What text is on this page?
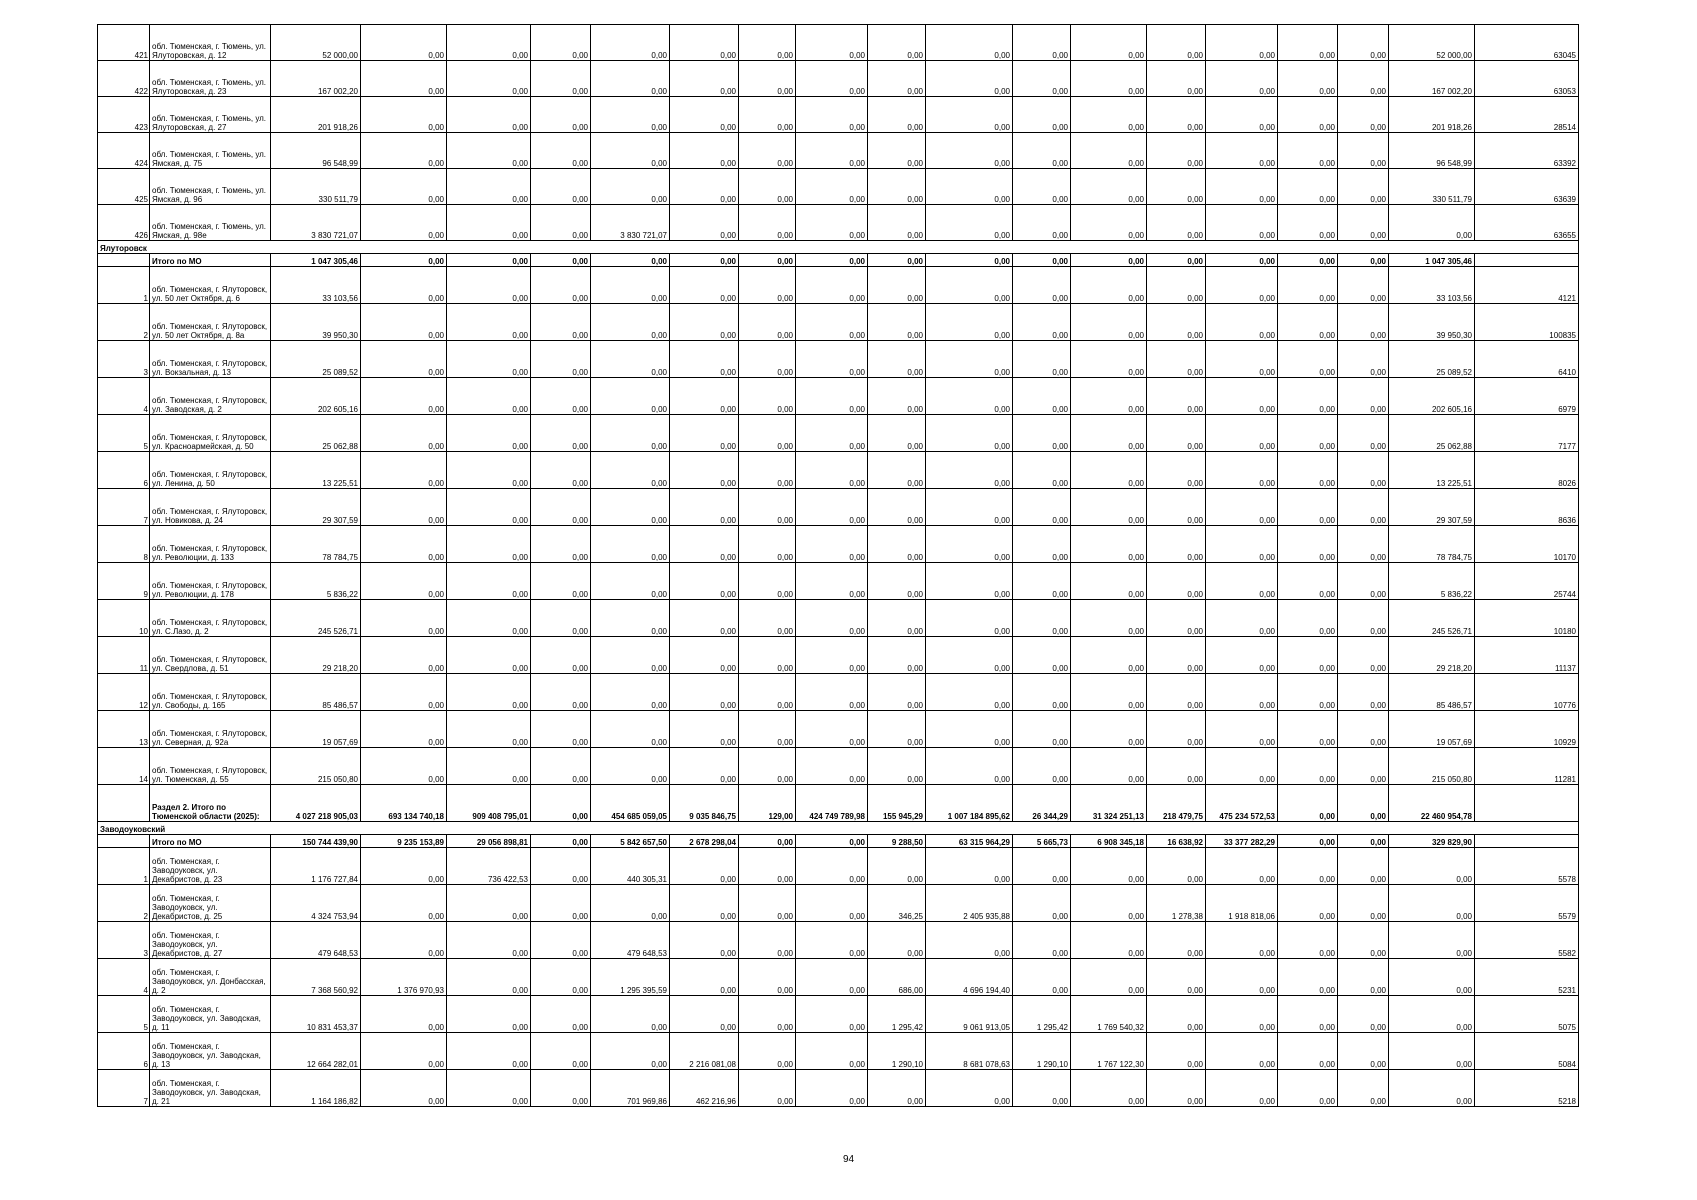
421	обл. Тюменская, г. Тюмень, ул. Ялуторовская, д. 12	52 000,00	0,00	0,00	0,00	0,00	0,00	0,00	0,00	0,00	0,00	0,00	0,00	0,00	0,00	0,00	0,00	52 000,00	63045
422	обл. Тюменская, г. Тюмень, ул. Ялуторовская, д. 23	167 002,20	0,00	0,00	0,00	0,00	0,00	0,00	0,00	0,00	0,00	0,00	0,00	0,00	0,00	0,00	0,00	167 002,20	63053
423	обл. Тюменская, г. Тюмень, ул. Ялуторовская, д. 27	201 918,26	0,00	0,00	0,00	0,00	0,00	0,00	0,00	0,00	0,00	0,00	0,00	0,00	0,00	0,00	0,00	201 918,26	28514
424	обл. Тюменская, г. Тюмень, ул. Ямская, д. 75	96 548,99	0,00	0,00	0,00	0,00	0,00	0,00	0,00	0,00	0,00	0,00	0,00	0,00	0,00	0,00	0,00	96 548,99	63392
425	обл. Тюменская, г. Тюмень, ул. Ямская, д. 96	330 511,79	0,00	0,00	0,00	0,00	0,00	0,00	0,00	0,00	0,00	0,00	0,00	0,00	0,00	0,00	0,00	330 511,79	63639
426	обл. Тюменская, г. Тюмень, ул. Ямская, д. 98е	3 830 721,07	0,00	0,00	0,00	3 830 721,07	0,00	0,00	0,00	0,00	0,00	0,00	0,00	0,00	0,00	0,00	0,00	0,00	63655
Ялуторовск																			
	Итого по МО	1 047 305,46	0,00	0,00	0,00	0,00	0,00	0,00	0,00	0,00	0,00	0,00	0,00	0,00	0,00	0,00	0,00	1 047 305,46	
1	обл. Тюменская, г. Ялуторовск, ул. 50 лет Октября, д. 6	33 103,56	0,00	0,00	0,00	0,00	0,00	0,00	0,00	0,00	0,00	0,00	0,00	0,00	0,00	0,00	0,00	33 103,56	4121
2	обл. Тюменская, г. Ялуторовск, ул. 50 лет Октября, д. 8а	39 950,30	0,00	0,00	0,00	0,00	0,00	0,00	0,00	0,00	0,00	0,00	0,00	0,00	0,00	0,00	0,00	39 950,30	100835
3	обл. Тюменская, г. Ялуторовск, ул. Вокзальная, д. 13	25 089,52	0,00	0,00	0,00	0,00	0,00	0,00	0,00	0,00	0,00	0,00	0,00	0,00	0,00	0,00	0,00	25 089,52	6410
4	обл. Тюменская, г. Ялуторовск, ул. Заводская, д. 2	202 605,16	0,00	0,00	0,00	0,00	0,00	0,00	0,00	0,00	0,00	0,00	0,00	0,00	0,00	0,00	0,00	202 605,16	6979
5	обл. Тюменская, г. Ялуторовск, ул. Красноармейская, д. 50	25 062,88	0,00	0,00	0,00	0,00	0,00	0,00	0,00	0,00	0,00	0,00	0,00	0,00	0,00	0,00	0,00	25 062,88	7177
6	обл. Тюменская, г. Ялуторовск, ул. Ленина, д. 50	13 225,51	0,00	0,00	0,00	0,00	0,00	0,00	0,00	0,00	0,00	0,00	0,00	0,00	0,00	0,00	0,00	13 225,51	8026
7	обл. Тюменская, г. Ялуторовск, ул. Новикова, д. 24	29 307,59	0,00	0,00	0,00	0,00	0,00	0,00	0,00	0,00	0,00	0,00	0,00	0,00	0,00	0,00	0,00	29 307,59	8636
8	обл. Тюменская, г. Ялуторовск, ул. Революции, д. 133	78 784,75	0,00	0,00	0,00	0,00	0,00	0,00	0,00	0,00	0,00	0,00	0,00	0,00	0,00	0,00	0,00	78 784,75	10170
9	обл. Тюменская, г. Ялуторовск, ул. Революции, д. 178	5 836,22	0,00	0,00	0,00	0,00	0,00	0,00	0,00	0,00	0,00	0,00	0,00	0,00	0,00	0,00	0,00	5 836,22	25744
10	обл. Тюменская, г. Ялуторовск, ул. С.Лазо, д. 2	245 526,71	0,00	0,00	0,00	0,00	0,00	0,00	0,00	0,00	0,00	0,00	0,00	0,00	0,00	0,00	0,00	245 526,71	10180
11	обл. Тюменская, г. Ялуторовск, ул. Свердлова, д. 51	29 218,20	0,00	0,00	0,00	0,00	0,00	0,00	0,00	0,00	0,00	0,00	0,00	0,00	0,00	0,00	0,00	29 218,20	11137
12	обл. Тюменская, г. Ялуторовск, ул. Свободы, д. 165	85 486,57	0,00	0,00	0,00	0,00	0,00	0,00	0,00	0,00	0,00	0,00	0,00	0,00	0,00	0,00	0,00	85 486,57	10776
13	обл. Тюменская, г. Ялуторовск, ул. Северная, д. 92а	19 057,69	0,00	0,00	0,00	0,00	0,00	0,00	0,00	0,00	0,00	0,00	0,00	0,00	0,00	0,00	0,00	19 057,69	10929
14	обл. Тюменская, г. Ялуторовск, ул. Тюменская, д. 55	215 050,80	0,00	0,00	0,00	0,00	0,00	0,00	0,00	0,00	0,00	0,00	0,00	0,00	0,00	0,00	0,00	215 050,80	11281
	Раздел 2. Итого по Тюменской области (2025):	4 027 218 905,03	693 134 740,18	909 408 795,01	0,00	454 685 059,05	9 035 846,75	129,00	424 749 789,98	155 945,29	1 007 184 895,62	26 344,29	31 324 251,13	218 479,75	475 234 572,53	0,00	0,00	22 460 954,78	
Заводоуковский																			
	Итого по МО	150 744 439,90	9 235 153,89	29 056 898,81	0,00	5 842 657,50	2 678 298,04	0,00	0,00	9 288,50	63 315 964,29	5 665,73	6 908 345,18	16 638,92	33 377 282,29	0,00	0,00	329 829,90	
1	обл. Тюменская, г. Заводоуковск, ул. Декабристов, д. 23	1 176 727,84	0,00	736 422,53	0,00	440 305,31	0,00	0,00	0,00	0,00	0,00	0,00	0,00	0,00	0,00	0,00	0,00	0,00	5578
2	обл. Тюменская, г. Заводоуковск, ул. Декабристов, д. 25	4 324 753,94	0,00	0,00	0,00	0,00	0,00	0,00	0,00	346,25	2 405 935,88	0,00	0,00	1 278,38	1 918 818,06	0,00	0,00	0,00	5579
3	обл. Тюменская, г. Заводоуковск, ул. Декабристов, д. 27	479 648,53	0,00	0,00	0,00	479 648,53	0,00	0,00	0,00	0,00	0,00	0,00	0,00	0,00	0,00	0,00	0,00	0,00	5582
4	обл. Тюменская, г. Заводоуковск, ул. Донбасская, д. 2	7 368 560,92	1 376 970,93	0,00	0,00	1 295 395,59	0,00	0,00	0,00	686,00	4 696 194,40	0,00	0,00	0,00	0,00	0,00	0,00	0,00	5231
5	обл. Тюменская, г. Заводоуковск, ул. Заводская, д. 11	10 831 453,37	0,00	0,00	0,00	0,00	0,00	0,00	0,00	1 295,42	9 061 913,05	1 295,42	1 769 540,32	0,00	0,00	0,00	0,00	0,00	5075
6	обл. Тюменская, г. Заводоуковск, ул. Заводская, д. 13	12 664 282,01	0,00	0,00	0,00	0,00	2 216 081,08	0,00	0,00	1 290,10	8 681 078,63	1 290,10	1 767 122,30	0,00	0,00	0,00	0,00	0,00	5084
7	обл. Тюменская, г. Заводоуковск, ул. Заводская, д. 21	1 164 186,82	0,00	0,00	0,00	701 969,86	462 216,96	0,00	0,00	0,00	0,00	0,00	0,00	0,00	0,00	0,00	0,00	0,00	5218
94
